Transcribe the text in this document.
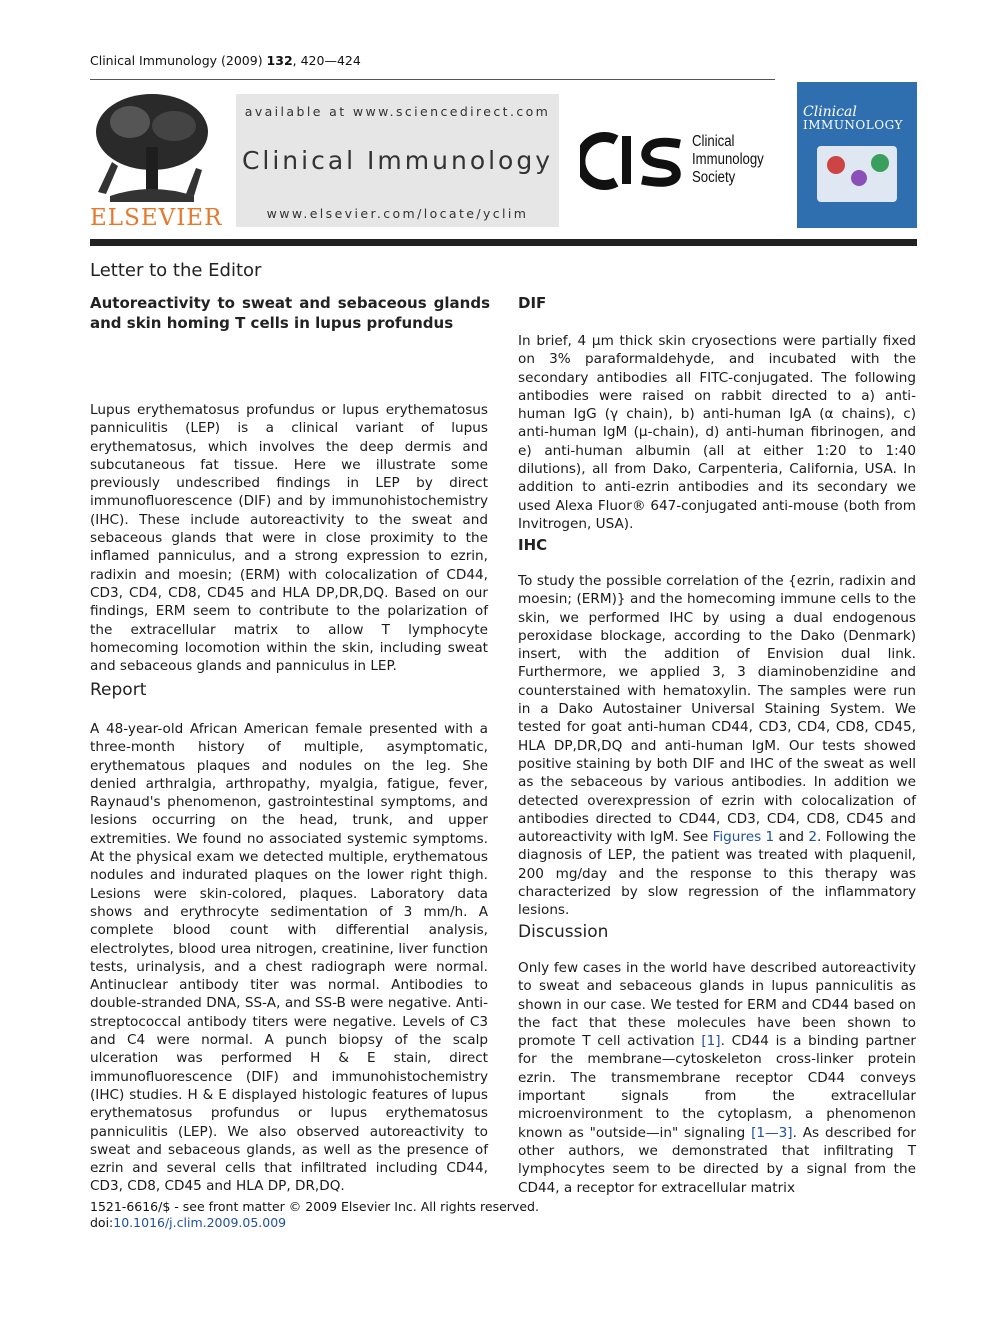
Clinical Immunology (2009) 132, 420—424
ELSEVIER
available at www.sciencedirect.com
Clinical Immunology
www.elsevier.com/locate/yclim
Clinical
Immunology
Society
Clinical
IMMUNOLOGY
Letter to the Editor
Autoreactivity to sweat and sebaceous glands and skin homing T cells in lupus profundus

Lupus erythematosus profundus or lupus erythematosus panniculitis (LEP) is a clinical variant of lupus erythematosus, which involves the deep dermis and subcutaneous fat tissue. Here we illustrate some previously undescribed findings in LEP by direct immunofluorescence (DIF) and by immunohistochemistry (IHC). These include autoreactivity to the sweat and sebaceous glands that were in close proximity to the inflamed panniculus, and a strong expression to ezrin, radixin and moesin; (ERM) with colocalization of CD44, CD3, CD4, CD8, CD45 and HLA DP,DR,DQ. Based on our findings, ERM seem to contribute to the polarization of the extracellular matrix to allow T lymphocyte homecoming locomotion within the skin, including sweat and sebaceous glands and panniculus in LEP.

Report

A 48-year-old African American female presented with a three-month history of multiple, asymptomatic, erythematous plaques and nodules on the leg. She denied arthralgia, arthropathy, myalgia, fatigue, fever, Raynaud's phenomenon, gastrointestinal symptoms, and lesions occurring on the head, trunk, and upper extremities. We found no associated systemic symptoms. At the physical exam we detected multiple, erythematous nodules and indurated plaques on the lower right thigh. Lesions were skin-colored, plaques. Laboratory data shows and erythrocyte sedimentation of 3 mm/h. A complete blood count with differential analysis, electrolytes, blood urea nitrogen, creatinine, liver function tests, urinalysis, and a chest radiograph were normal. Antinuclear antibody titer was normal. Antibodies to double-stranded DNA, SS-A, and SS-B were negative. Anti-streptococcal antibody titers were negative. Levels of C3 and C4 were normal. A punch biopsy of the scalp ulceration was performed H & E stain, direct immunofluorescence (DIF) and immunohistochemistry (IHC) studies. H & E displayed histologic features of lupus erythematosus profundus or lupus erythematosus panniculitis (LEP). We also observed autoreactivity to sweat and sebaceous glands, as well as the presence of ezrin and several cells that infiltrated including CD44, CD3, CD8, CD45 and HLA DP, DR,DQ.

DIF

In brief, 4 μm thick skin cryosections were partially fixed on 3% paraformaldehyde, and incubated with the secondary antibodies all FITC-conjugated. The following antibodies were raised on rabbit directed to a) anti-human IgG (γ chain), b) anti-human IgA (α chains), c) anti-human IgM (μ-chain), d) anti-human fibrinogen, and e) anti-human albumin (all at either 1:20 to 1:40 dilutions), all from Dako, Carpenteria, California, USA. In addition to anti-ezrin antibodies and its secondary we used Alexa Fluor® 647-conjugated anti-mouse (both from Invitrogen, USA).

IHC

To study the possible correlation of the {ezrin, radixin and moesin; (ERM)} and the homecoming immune cells to the skin, we performed IHC by using a dual endogenous peroxidase blockage, according to the Dako (Denmark) insert, with the addition of Envision dual link. Furthermore, we applied 3, 3 diaminobenzidine and counterstained with hematoxylin. The samples were run in a Dako Autostainer Universal Staining System. We tested for goat anti-human CD44, CD3, CD4, CD8, CD45, HLA DP,DR,DQ and anti-human IgM. Our tests showed positive staining by both DIF and IHC of the sweat as well as the sebaceous by various antibodies. In addition we detected overexpression of ezrin with colocalization of antibodies directed to CD44, CD3, CD4, CD8, CD45 and autoreactivity with IgM. See Figures 1 and 2. Following the diagnosis of LEP, the patient was treated with plaquenil, 200 mg/day and the response to this therapy was characterized by slow regression of the inflammatory lesions.

Discussion

Only few cases in the world have described autoreactivity to sweat and sebaceous glands in lupus panniculitis as shown in our case. We tested for ERM and CD44 based on the fact that these molecules have been shown to promote T cell activation [1]. CD44 is a binding partner for the membrane—cytoskeleton cross-linker protein ezrin. The transmembrane receptor CD44 conveys important signals from the extracellular microenvironment to the cytoplasm, a phenomenon known as "outside—in" signaling [1—3]. As described for other authors, we demonstrated that infiltrating T lymphocytes seem to be directed by a signal from the CD44, a receptor for extracellular matrix

1521-6616/$ - see front matter © 2009 Elsevier Inc. All rights reserved.
doi:10.1016/j.clim.2009.05.009
